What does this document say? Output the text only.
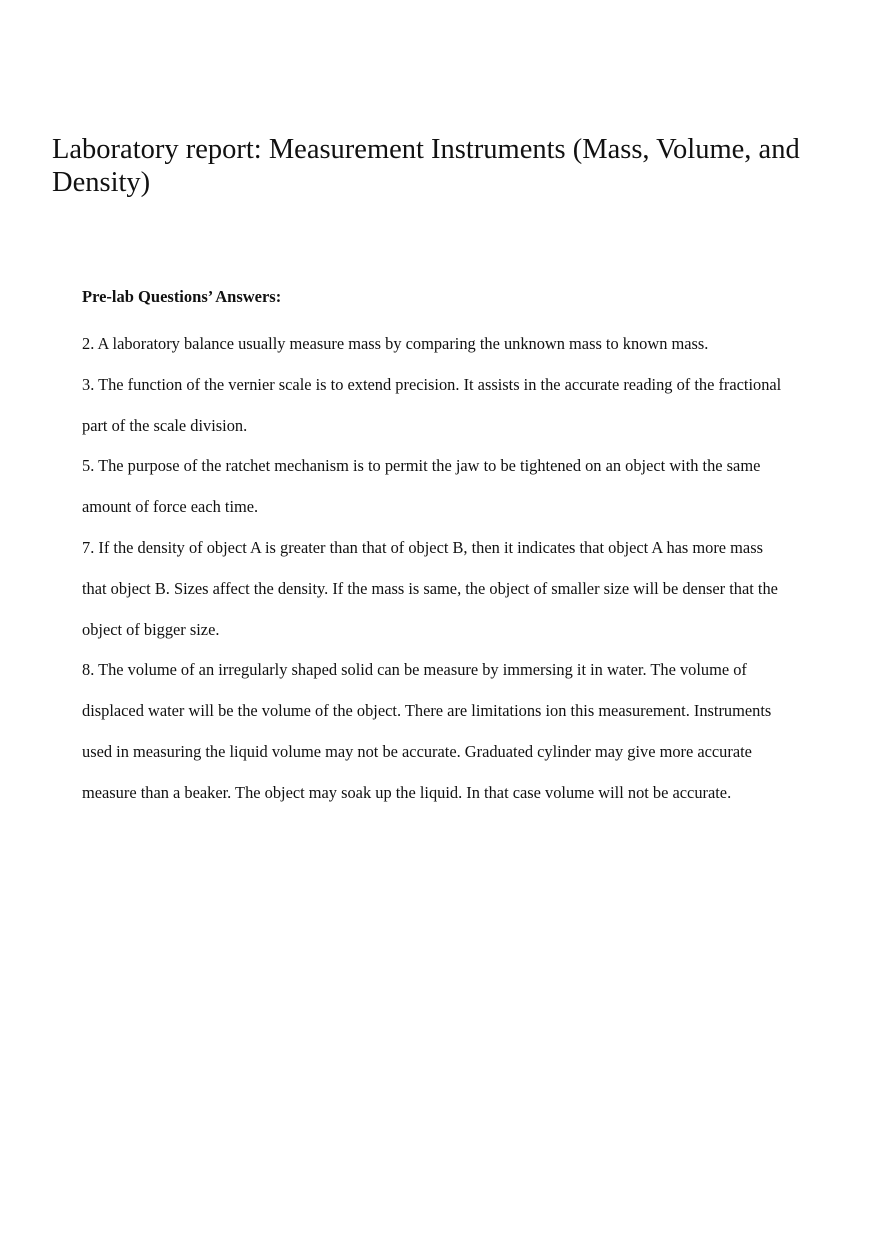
Laboratory report: Measurement Instruments (Mass, Volume, and Density)
Pre-lab Questions’ Answers:
2. A laboratory balance usually measure mass by comparing the unknown mass to known mass.
3. The function of the vernier scale is to extend precision. It assists in the accurate reading of the fractional part of the scale division.
5. The purpose of the ratchet mechanism is to permit the jaw to be tightened on an object with the same amount of force each time.
7. If the density of object A is greater than that of object B, then it indicates that object A has more mass that object B. Sizes affect the density. If the mass is same, the object of smaller size will be denser that the object of bigger size.
8. The volume of an irregularly shaped solid can be measure by immersing it in water. The volume of displaced water will be the volume of the object. There are limitations ion this measurement. Instruments used in measuring the liquid volume may not be accurate. Graduated cylinder may give more accurate measure than a beaker. The object may soak up the liquid. In that case volume will not be accurate.
